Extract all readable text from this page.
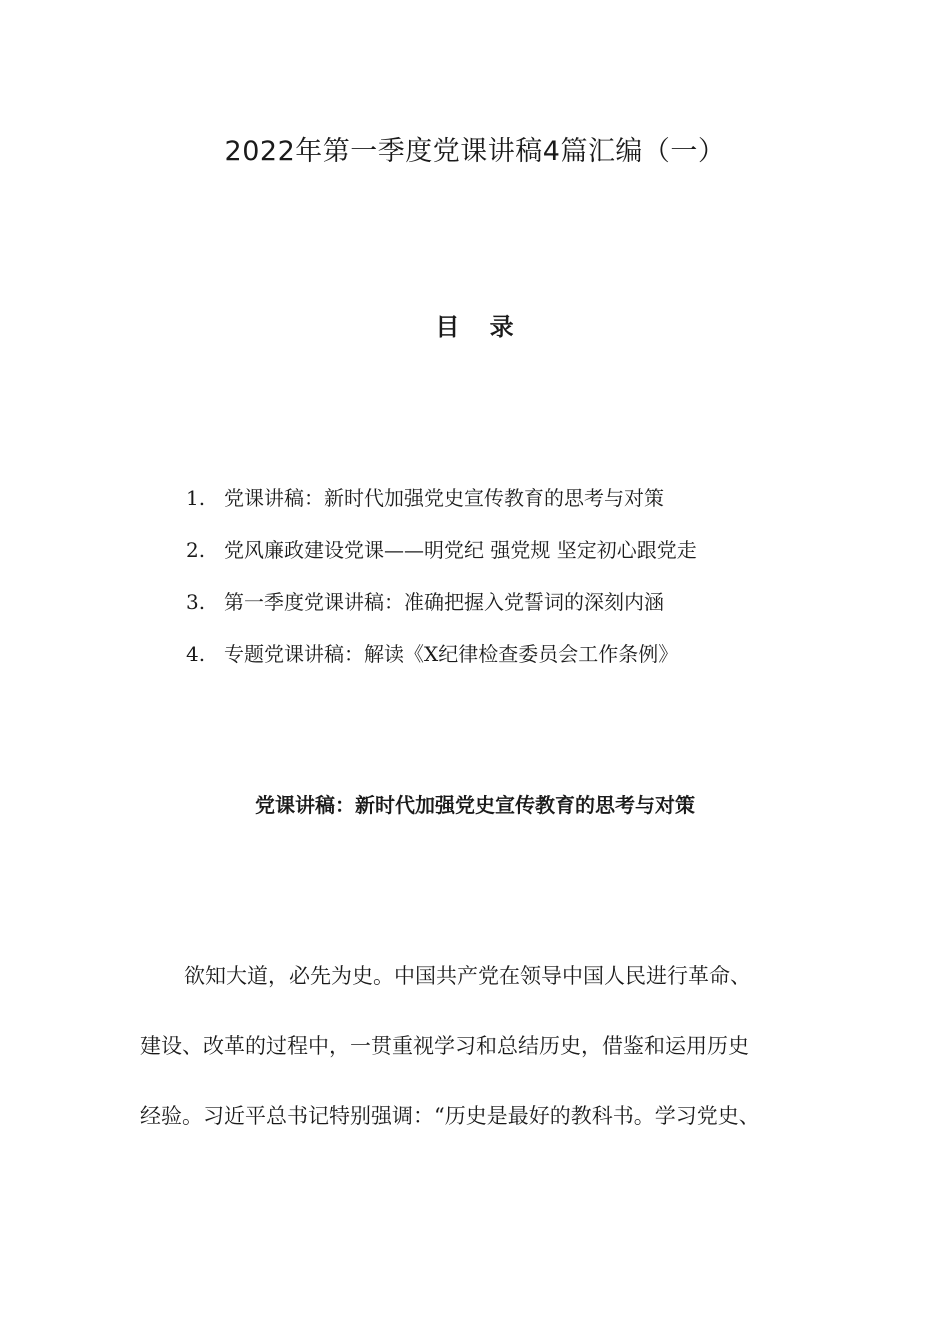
2022年第一季度党课讲稿4篇汇编（一）
目 录
1. 党课讲稿：新时代加强党史宣传教育的思考与对策
2. 党风廉政建设党课——明党纪 强党规 坚定初心跟党走
3. 第一季度党课讲稿：准确把握入党誓词的深刻内涵
4. 专题党课讲稿：解读《X纪律检查委员会工作条例》
党课讲稿：新时代加强党史宣传教育的思考与对策
欲知大道，必先为史。中国共产党在领导中国人民进行革命、
建设、改革的过程中，一贯重视学习和总结历史，借鉴和运用历史
经验。习近平总书记特别强调：“历史是最好的教科书。学习党史、
